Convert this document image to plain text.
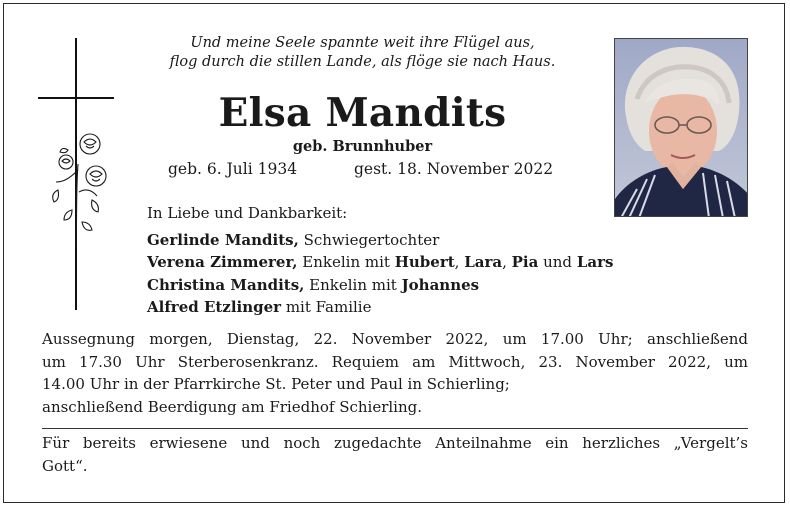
Und meine Seele spannte weit ihre Flügel aus,
flog durch die stillen Lande, als flöge sie nach Haus.
Elsa Mandits
geb. Brunnhuber
geb. 6. Juli 1934	gest. 18. November 2022
In Liebe und Dankbarkeit:
Gerlinde Mandits, Schwiegertochter
Verena Zimmerer, Enkelin mit Hubert, Lara, Pia und Lars
Christina Mandits, Enkelin mit Johannes
Alfred Etzlinger mit Familie
Aussegnung morgen, Dienstag, 22. November 2022, um 17.00 Uhr; anschließend
um 17.30 Uhr Sterberosenkranz. Requiem am Mittwoch, 23. November 2022, um
14.00 Uhr in der Pfarrkirche St. Peter und Paul in Schierling;
anschließend Beerdigung am Friedhof Schierling.
Für bereits erwiesene und noch zugedachte Anteilnahme ein herzliches „Vergelt’s
Gott“.
